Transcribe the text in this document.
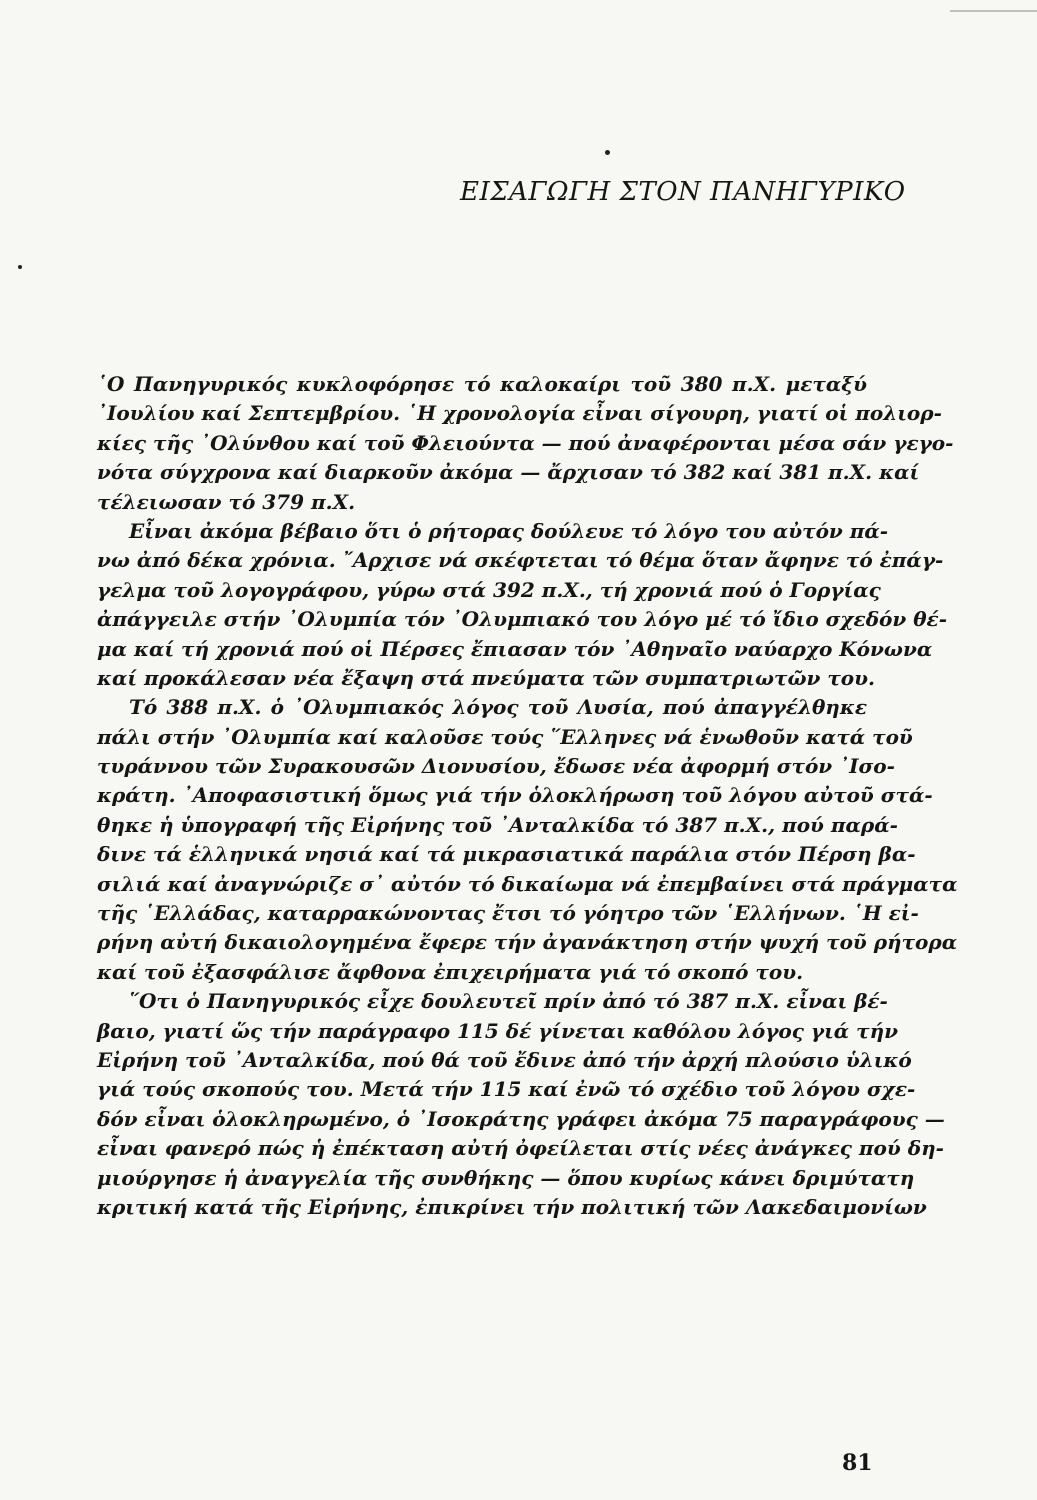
ΕΙΣΑΓΩΓΗ ΣΤΟΝ ΠΑΝΗΓΥΡΙΚΟ
῾Ο Πανηγυρικός κυκλοφόρησε τό καλοκαίρι τοῦ 380 π.Χ. μεταξύ
᾿Ιουλίου καί Σεπτεμβρίου. ῾Η χρονολογία εἶναι σίγουρη, γιατί οἱ πολιορ-
κίες τῆς ᾿Ολύνθου καί τοῦ Φλειούντα — πού ἀναφέρονται μέσα σάν γεγο-
νότα σύγχρονα καί διαρκοῦν ἀκόμα — ἄρχισαν τό 382 καί 381 π.Χ. καί
τέλειωσαν τό 379 π.Χ.
Εἶναι ἀκόμα βέβαιο ὅτι ὁ ρήτορας δούλευε τό λόγο του αὐτόν πά-
νω ἀπό δέκα χρόνια. ῎Αρχισε νά σκέφτεται τό θέμα ὅταν ἄφηνε τό ἐπάγ-
γελμα τοῦ λογογράφου, γύρω στά 392 π.Χ., τή χρονιά πού ὁ Γοργίας
ἀπάγγειλε στήν ᾿Ολυμπία τόν ᾿Ολυμπιακό του λόγο μέ τό ἴδιο σχεδόν θέ-
μα καί τή χρονιά πού οἱ Πέρσες ἔπιασαν τόν ᾿Αθηναῖο ναύαρχο Κόνωνα
καί προκάλεσαν νέα ἔξαψη στά πνεύματα τῶν συμπατριωτῶν του.
Τό 388 π.Χ. ὁ ᾿Ολυμπιακός λόγος τοῦ Λυσία, πού ἀπαγγέλθηκε
πάλι στήν ᾿Ολυμπία καί καλοῦσε τούς ῞Ελληνες νά ἑνωθοῦν κατά τοῦ
τυράννου τῶν Συρακουσῶν Διονυσίου, ἔδωσε νέα ἀφορμή στόν ᾿Ισο-
κράτη. ᾿Αποφασιστική ὅμως γιά τήν ὁλοκλήρωση τοῦ λόγου αὐτοῦ στά-
θηκε ἡ ὑπογραφή τῆς Εἰρήνης τοῦ ᾿Ανταλκίδα τό 387 π.Χ., πού παρά-
δινε τά ἑλληνικά νησιά καί τά μικρασιατικά παράλια στόν Πέρση βα-
σιλιά καί ἀναγνώριζε σ᾿ αὐτόν τό δικαίωμα νά ἐπεμβαίνει στά πράγματα
τῆς ῾Ελλάδας, καταρρακώνοντας ἔτσι τό γόητρο τῶν ῾Ελλήνων. ῾Η εἰ-
ρήνη αὐτή δικαιολογημένα ἔφερε τήν ἀγανάκτηση στήν ψυχή τοῦ ρήτορα
καί τοῦ ἐξασφάλισε ἄφθονα ἐπιχειρήματα γιά τό σκοπό του.
῞Οτι ὁ Πανηγυρικός εἶχε δουλευτεῖ πρίν ἀπό τό 387 π.Χ. εἶναι βέ-
βαιο, γιατί ὥς τήν παράγραφο 115 δέ γίνεται καθόλου λόγος γιά τήν
Εἰρήνη τοῦ ᾿Ανταλκίδα, πού θά τοῦ ἔδινε ἀπό τήν ἀρχή πλούσιο ὑλικό
γιά τούς σκοπούς του. Μετά τήν 115 καί ἐνῶ τό σχέδιο τοῦ λόγου σχε-
δόν εἶναι ὁλοκληρωμένο, ὁ ᾿Ισοκράτης γράφει ἀκόμα 75 παραγράφους —
εἶναι φανερό πώς ἡ ἐπέκταση αὐτή ὀφείλεται στίς νέες ἀνάγκες πού δη-
μιούργησε ἡ ἀναγγελία τῆς συνθήκης — ὅπου κυρίως κάνει δριμύτατη
κριτική κατά τῆς Εἰρήνης, ἐπικρίνει τήν πολιτική τῶν Λακεδαιμονίων
81
